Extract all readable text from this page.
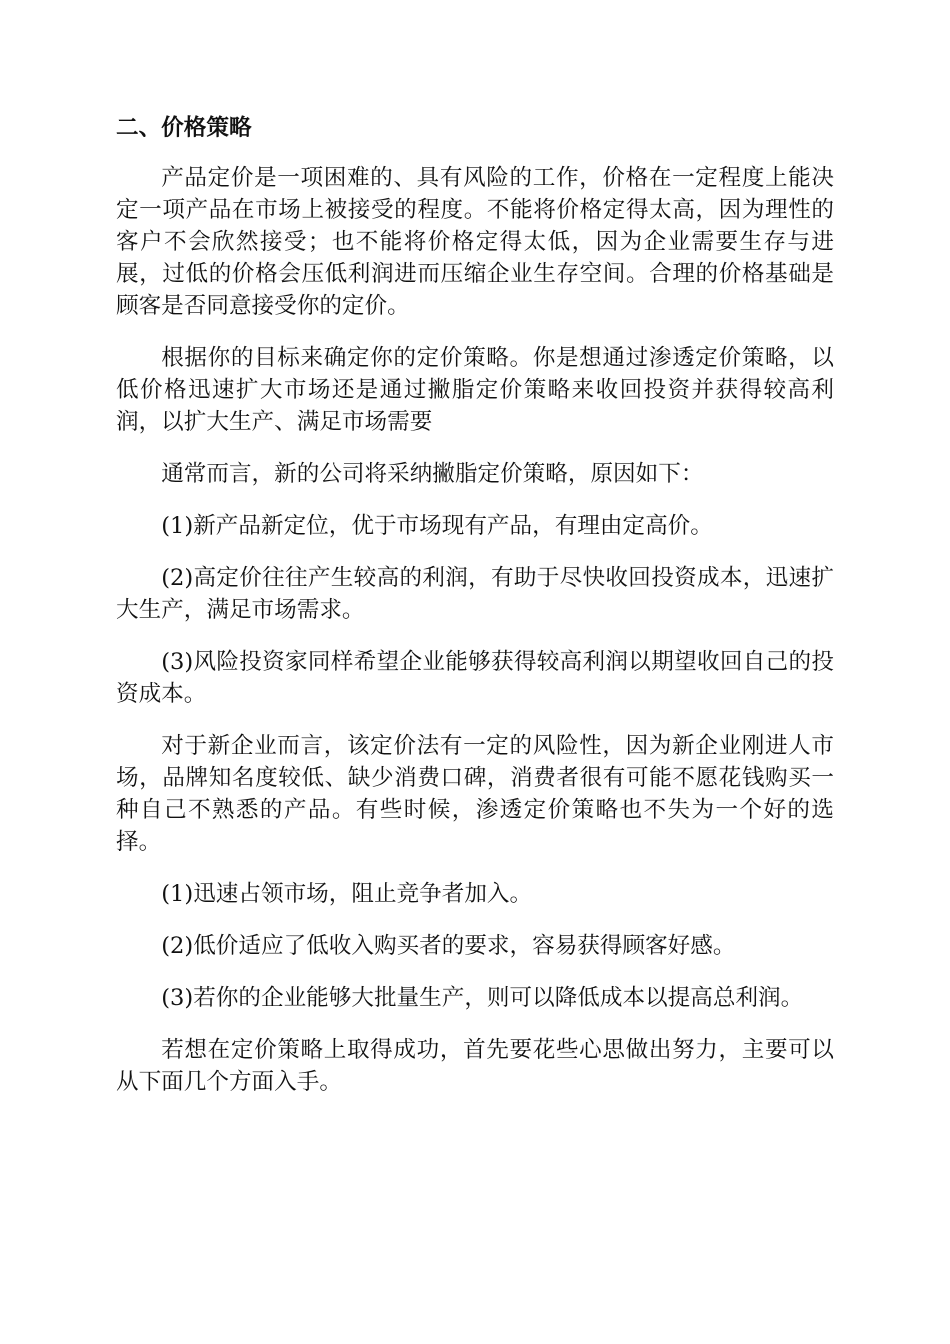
二、价格策略

产品定价是一项困难的、具有风险的工作，价格在一定程度上能决定一项产品在市场上被接受的程度。不能将价格定得太高，因为理性的客户不会欣然接受；也不能将价格定得太低，因为企业需要生存与进展，过低的价格会压低利润进而压缩企业生存空间。合理的价格基础是顾客是否同意接受你的定价。

根据你的目标来确定你的定价策略。你是想通过渗透定价策略，以低价格迅速扩大市场还是通过撇脂定价策略来收回投资并获得较高利润，以扩大生产、满足市场需要

通常而言，新的公司将采纳撇脂定价策略，原因如下：

(1)新产品新定位，优于市场现有产品，有理由定高价。

(2)高定价往往产生较高的利润，有助于尽快收回投资成本，迅速扩大生产，满足市场需求。

(3)风险投资家同样希望企业能够获得较高利润以期望收回自己的投资成本。

对于新企业而言，该定价法有一定的风险性，因为新企业刚进人市场，品牌知名度较低、缺少消费口碑，消费者很有可能不愿花钱购买一种自己不熟悉的产品。有些时候，渗透定价策略也不失为一个好的选择。

(1)迅速占领市场，阻止竞争者加入。

(2)低价适应了低收入购买者的要求，容易获得顾客好感。

(3)若你的企业能够大批量生产，则可以降低成本以提高总利润。

若想在定价策略上取得成功，首先要花些心思做出努力，主要可以从下面几个方面入手。
